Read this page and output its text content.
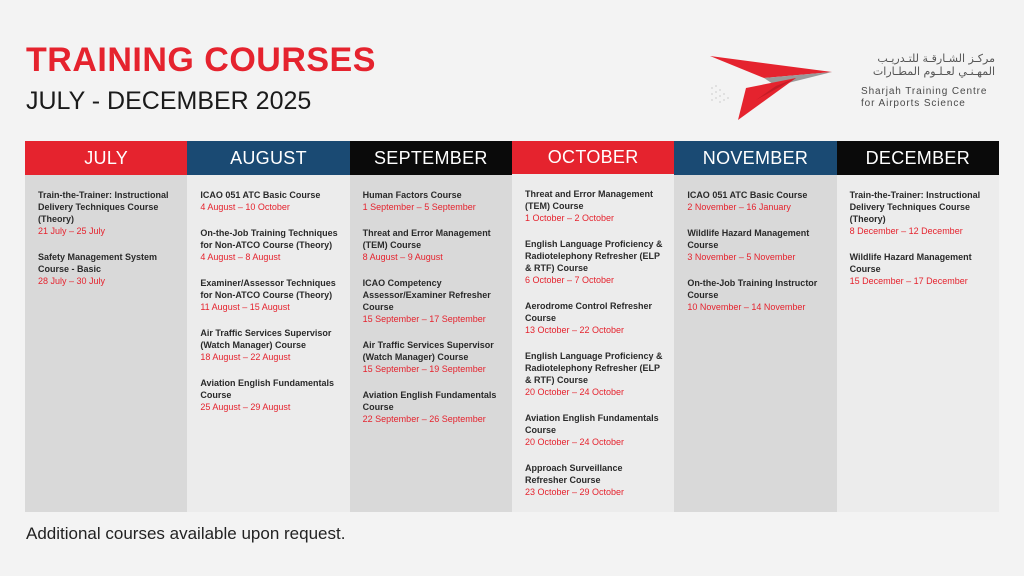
TRAINING COURSES
JULY - DECEMBER 2025
مركـز الشـارقـة للتـدريـب
المهـنـي لعـلـوم المطـارات
Sharjah Training Centre
for Airports Science
JULY
Train-the-Trainer: Instructional Delivery Techniques Course (Theory)
21 July – 25 July
Safety Management System Course - Basic
28 July – 30 July
AUGUST
ICAO 051 ATC Basic Course
4 August – 10 October
On-the-Job Training Techniques for Non-ATCO Course (Theory)
4 August – 8 August
Examiner/Assessor Techniques for Non-ATCO Course (Theory)
11 August – 15 August
Air Traffic Services Supervisor (Watch Manager) Course
18 August – 22 August
Aviation English Fundamentals Course
25 August – 29 August
SEPTEMBER
Human Factors Course
1 September – 5 September
Threat and Error Management (TEM) Course
8 August – 9 August
ICAO Competency Assessor/Examiner Refresher Course
15 September – 17 September
Air Traffic Services Supervisor (Watch Manager) Course
15 September – 19 September
Aviation English Fundamentals Course
22 September – 26 September
OCTOBER
Threat and Error Management (TEM) Course
1 October – 2 October
English Language Proficiency & Radiotelephony Refresher (ELP & RTF) Course
6 October – 7 October
Aerodrome Control Refresher Course
13 October – 22 October
English Language Proficiency & Radiotelephony Refresher (ELP & RTF) Course
20 October – 24 October
Aviation English Fundamentals Course
20 October – 24 October
Approach Surveillance Refresher Course
23 October – 29 October
NOVEMBER
ICAO 051 ATC Basic Course
2 November – 16 January
Wildlife Hazard Management Course
3 November – 5 November
On-the-Job Training Instructor Course
10 November – 14 November
DECEMBER
Train-the-Trainer: Instructional Delivery Techniques Course (Theory)
8 December – 12 December
Wildlife Hazard Management Course
15 December – 17 December
Additional courses available upon request.
